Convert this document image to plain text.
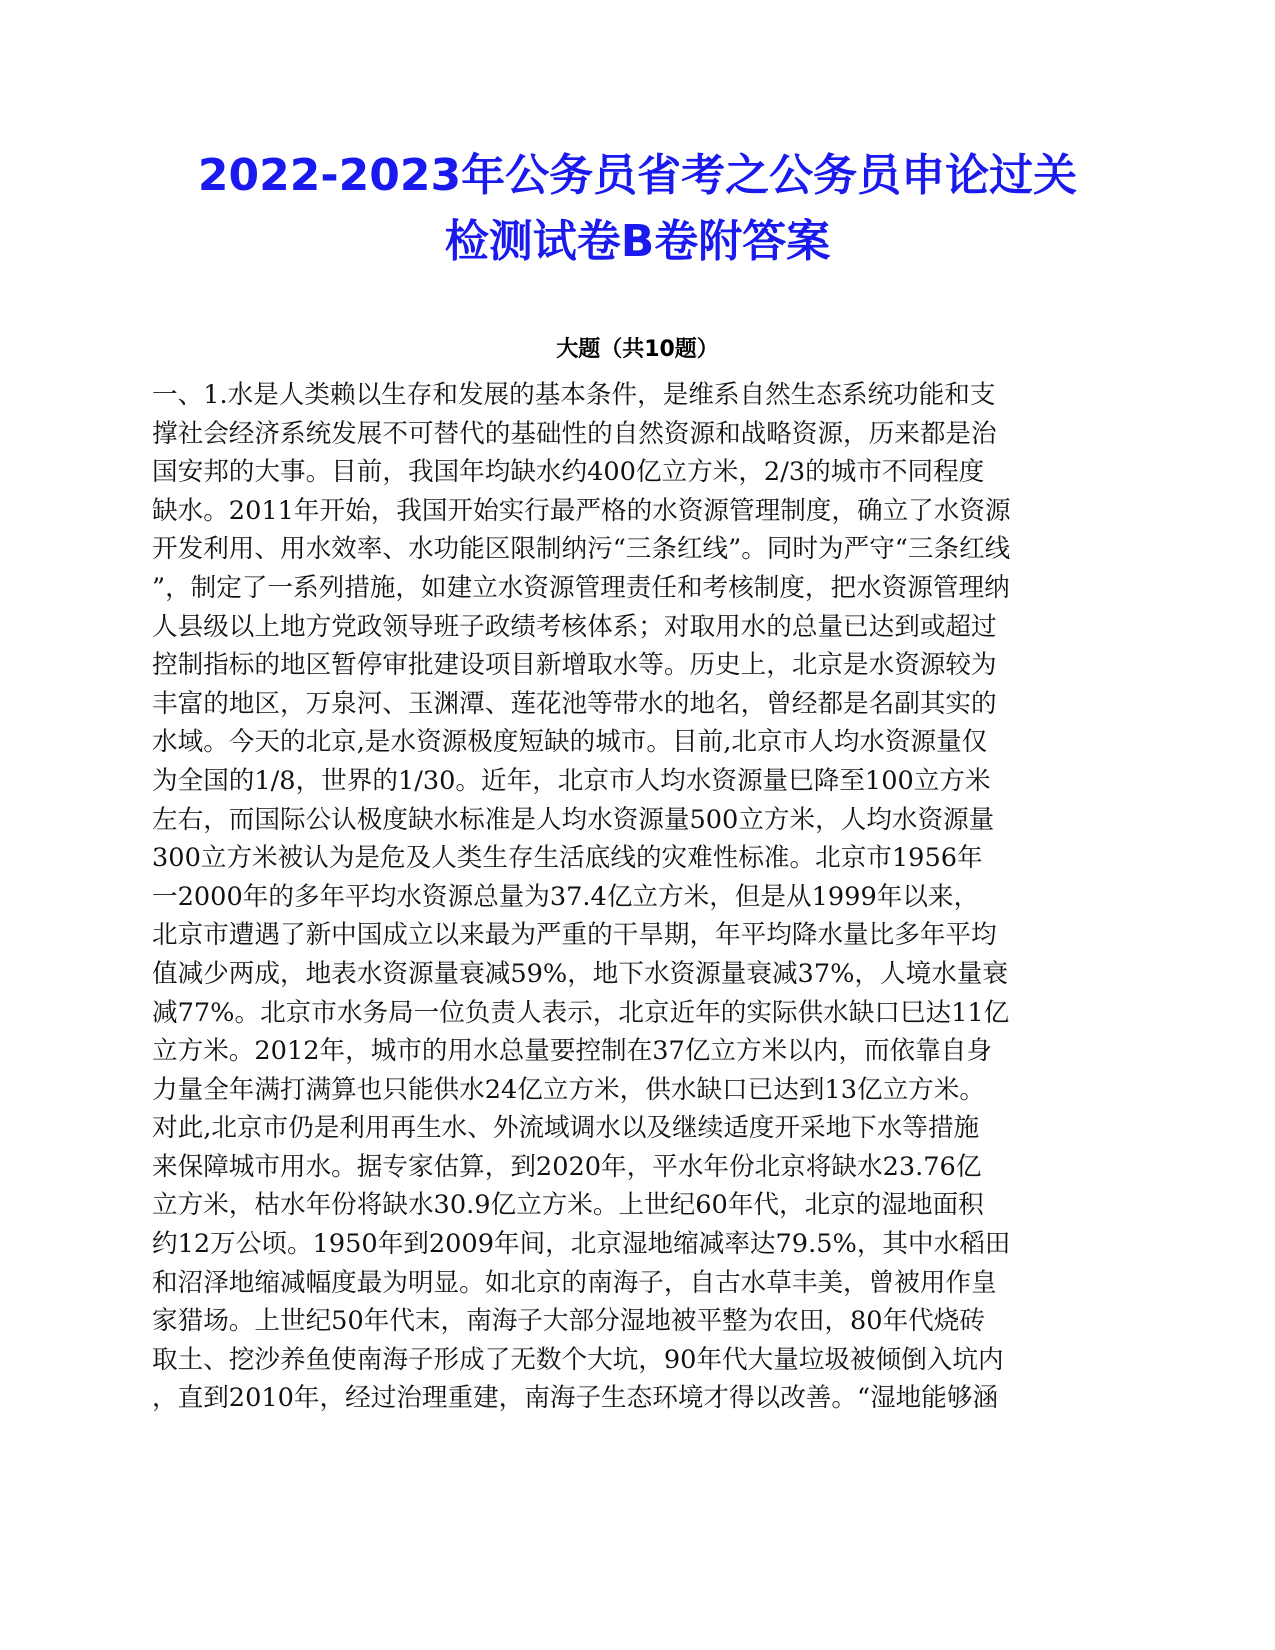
2022-2023年公务员省考之公务员申论过关
检测试卷B卷附答案
大题（共10题）
一、1.水是人类赖以生存和发展的基本条件，是维系自然生态系统功能和支
撑社会经济系统发展不可替代的基础性的自然资源和战略资源，历来都是治
国安邦的大事。目前，我国年均缺水约400亿立方米，2/3的城市不同程度
缺水。2011年开始，我国开始实行最严格的水资源管理制度，确立了水资源
开发利用、用水效率、水功能区限制纳污“三条红线”。同时为严守“三条红线
”，制定了一系列措施，如建立水资源管理责任和考核制度，把水资源管理纳
人县级以上地方党政领导班子政绩考核体系；对取用水的总量已达到或超过
控制指标的地区暂停审批建设项目新增取水等。历史上，北京是水资源较为
丰富的地区，万泉河、玉渊潭、莲花池等带水的地名，曾经都是名副其实的
水域。今天的北京,是水资源极度短缺的城市。目前,北京市人均水资源量仅
为全国的1/8，世界的1/30。近年，北京市人均水资源量巳降至100立方米
左右，而国际公认极度缺水标准是人均水资源量500立方米，人均水资源量
300立方米被认为是危及人类生存生活底线的灾难性标准。北京市1956年
一2000年的多年平均水资源总量为37.4亿立方米，但是从1999年以来，
北京市遭遇了新中国成立以来最为严重的干旱期，年平均降水量比多年平均
值减少两成，地表水资源量衰减59%，地下水资源量衰减37%，人境水量衰
减77%。北京市水务局一位负责人表示，北京近年的实际供水缺口巳达11亿
立方米。2012年，城市的用水总量要控制在37亿立方米以内，而依靠自身
力量全年满打满算也只能供水24亿立方米，供水缺口已达到13亿立方米。
对此,北京市仍是利用再生水、外流域调水以及继续适度开采地下水等措施
来保障城市用水。据专家估算，到2020年，平水年份北京将缺水23.76亿
立方米，枯水年份将缺水30.9亿立方米。上世纪60年代，北京的湿地面积
约12万公顷。1950年到2009年间，北京湿地缩减率达79.5%，其中水稻田
和沼泽地缩减幅度最为明显。如北京的南海子，自古水草丰美，曾被用作皇
家猎场。上世纪50年代末，南海子大部分湿地被平整为农田，80年代烧砖
取土、挖沙养鱼使南海子形成了无数个大坑，90年代大量垃圾被倾倒入坑内
，直到2010年，经过治理重建，南海子生态环境才得以改善。“湿地能够涵
